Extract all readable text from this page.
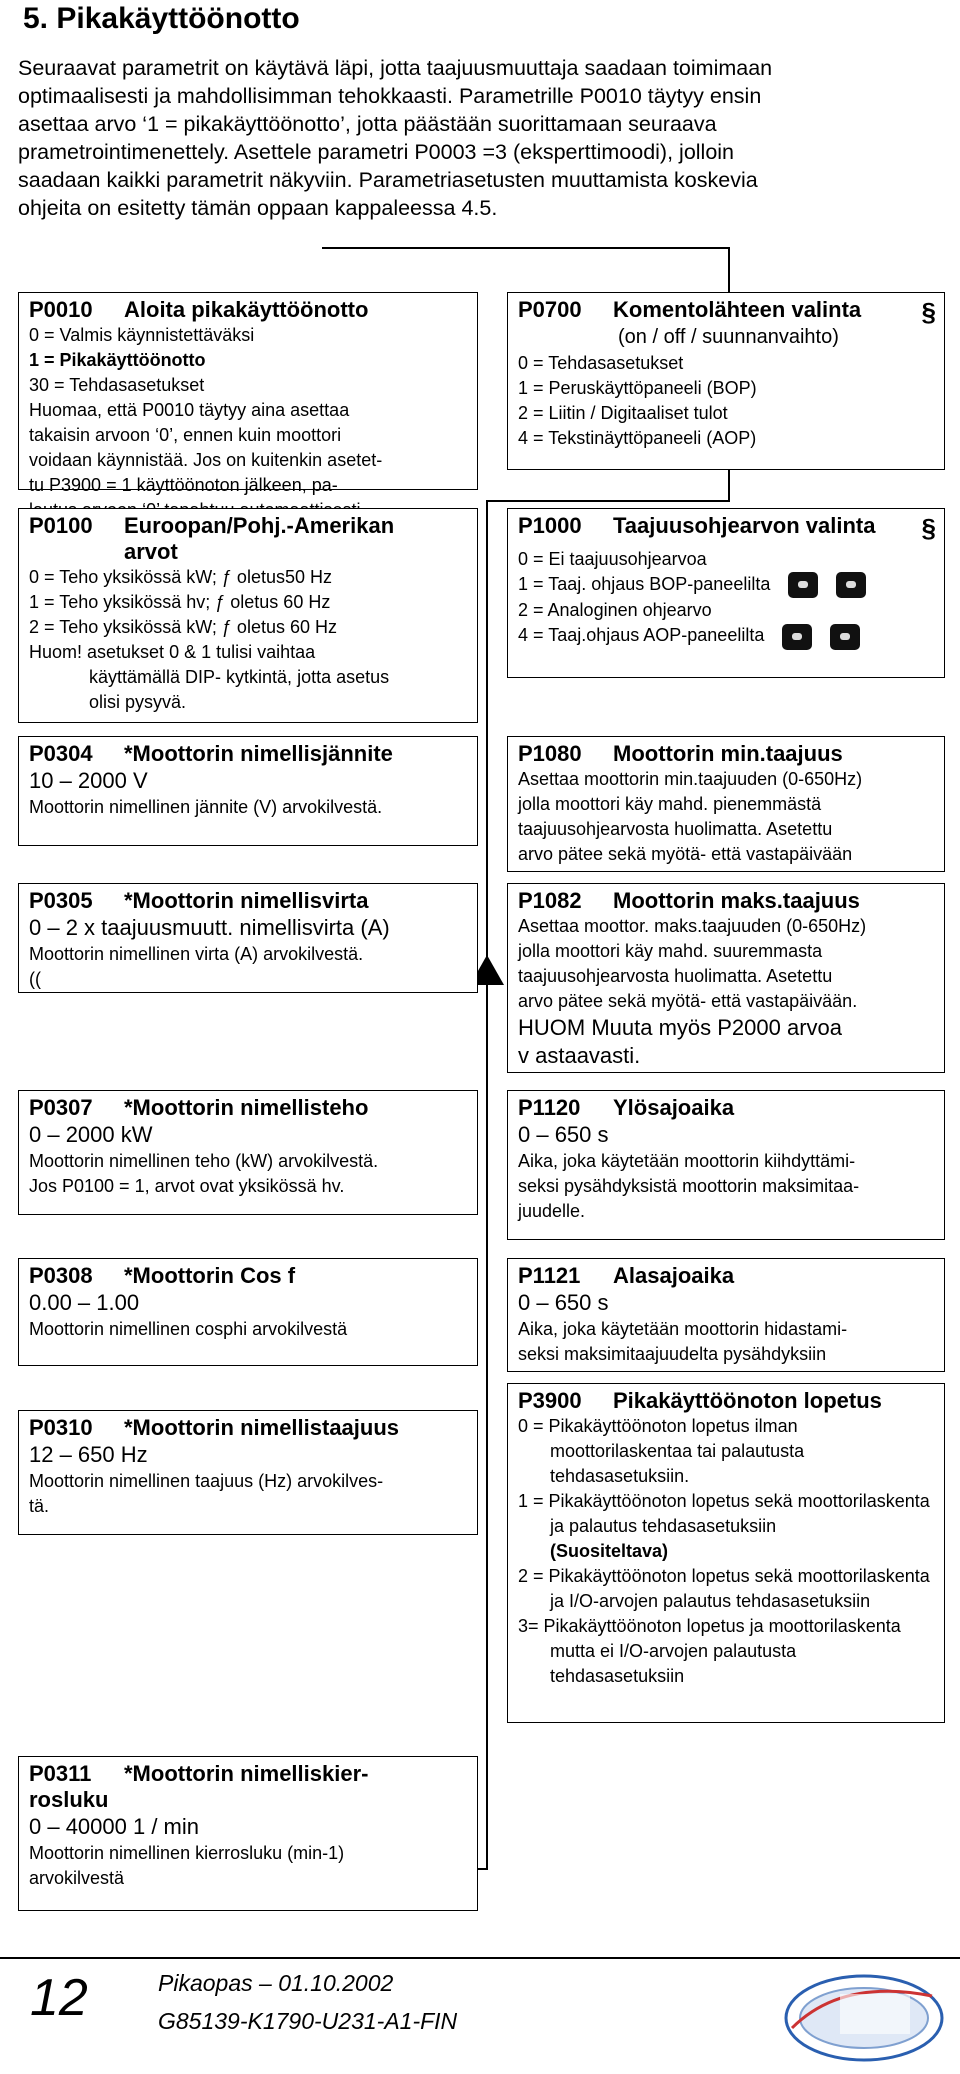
5. Pikakäyttöönotto

Seuraavat parametrit on käytävä läpi, jotta taajuusmuuttaja saadaan toimimaan

optimaalisesti ja mahdollisimman tehokkaasti. Parametrille P0010 täytyy ensin

asettaa arvo ‘1 = pikakäyttöönotto’, jotta päästään suorittamaan seuraava

prametrointimenettely. Asettele parametri P0003 =3 (eksperttimoodi), jolloin

saadaan kaikki parametrit näkyviin. Parametriasetusten muuttamista koskevia

ohjeita on esitetty tämän oppaan kappaleessa 4.5.

P0010 Aloita pikakäyttöönotto
0 = Valmis käynnistettäväksi
1 = Pikakäyttöönotto
30 = Tehdasasetukset
Huomaa, että P0010 täytyy aina asettaa
takaisin arvoon ‘0’, ennen kuin moottori
voidaan käynnistää. Jos on kuitenkin asetet-
tu P3900 = 1 käyttöönoton jälkeen, pa-
P0100 Euroopan/Pohj.-Amerikan
arvot
0 = Teho yksikössä kW; ƒ oletus50 Hz
1 = Teho yksikössä hv; ƒ oletus 60 Hz
2 = Teho yksikössä kW; ƒ oletus 60 Hz
Huom! asetukset 0 & 1 tulisi vaihtaa
käyttämällä DIP- kytkintä, jotta asetus
olisi pysyvä.
P0304 *Moottorin nimellisjännite
10 – 2000 V
Moottorin nimellinen jännite (V) arvokilvestä.
P0305 *Moottorin nimellisvirta
0 – 2 x taajuusmuutt. nimellisvirta (A)
Moottorin nimellinen virta (A) arvokilvestä.
((
P0307 *Moottorin nimellisteho
0 – 2000 kW
Moottorin nimellinen teho (kW) arvokilvestä.
Jos P0100 = 1, arvot ovat yksikössä hv.
P0308 *Moottorin Cos f
0.00 – 1.00
Moottorin nimellinen cosphi arvokilvestä
P0310 *Moottorin nimellistaajuus
12 – 650 Hz
Moottorin nimellinen taajuus (Hz) arvokilves-
tä.
P0311 *Moottorin nimelliskier-
rosluku
0 – 40000 1 / min
Moottorin nimellinen kierrosluku (min-1)
arvokilvestä
§
P0700 Komentolähteen valinta
(on / off / suunnanvaihto)
0 = Tehdasasetukset
1 = Peruskäyttöpaneeli (BOP)
2 = Liitin / Digitaaliset tulot
4 = Tekstinäyttöpaneeli (AOP)
§
P1000 Taajuusohjearvon valinta
0 = Ei taajuusohjearvoa
1 = Taaj. ohjaus BOP-paneelilta
2 = Analoginen ohjearvo
4 = Taaj.ohjaus AOP-paneelilta
P1080 Moottorin min.taajuus
Asettaa moottorin min.taajuuden (0-650Hz)
jolla moottori käy mahd. pienemmästä
taajuusohjearvosta huolimatta. Asetettu
arvo pätee sekä myötä- että vastapäivään
P1082 Moottorin maks.taajuus
Asettaa moottor. maks.taajuuden (0-650Hz)
jolla moottori käy mahd. suuremmasta
taajuusohjearvosta huolimatta. Asetettu
arvo pätee sekä myötä- että vastapäivään.
HUOM Muuta myös P2000 arvoa
v astaavasti.
P1120 Ylösajoaika
0 – 650 s
Aika, joka käytetään moottorin kiihdyttämi-
seksi pysähdyksistä moottorin maksimitaa-
juudelle.
P1121 Alasajoaika
0 – 650 s
Aika, joka käytetään moottorin hidastami-
seksi maksimitaajuudelta pysähdyksiin
P3900 Pikakäyttöönoton lopetus
0 = Pikakäyttöönoton lopetus ilman moottorilaskentaa tai palautusta tehdasasetuksiin.
1 = Pikakäyttöönoton lopetus sekä moottorilaskenta ja palautus tehdasasetuksiin
(Suositeltava)
2 = Pikakäyttöönoton lopetus sekä moottorilaskenta ja I/O-arvojen palautus tehdasasetuksiin
3= Pikakäyttöönoton lopetus ja moottorilaskenta mutta ei I/O-arvojen palautusta tehdasasetuksiin
12	Pikaopas – 01.10.2002
G85139-K1790-U231-A1-FIN
